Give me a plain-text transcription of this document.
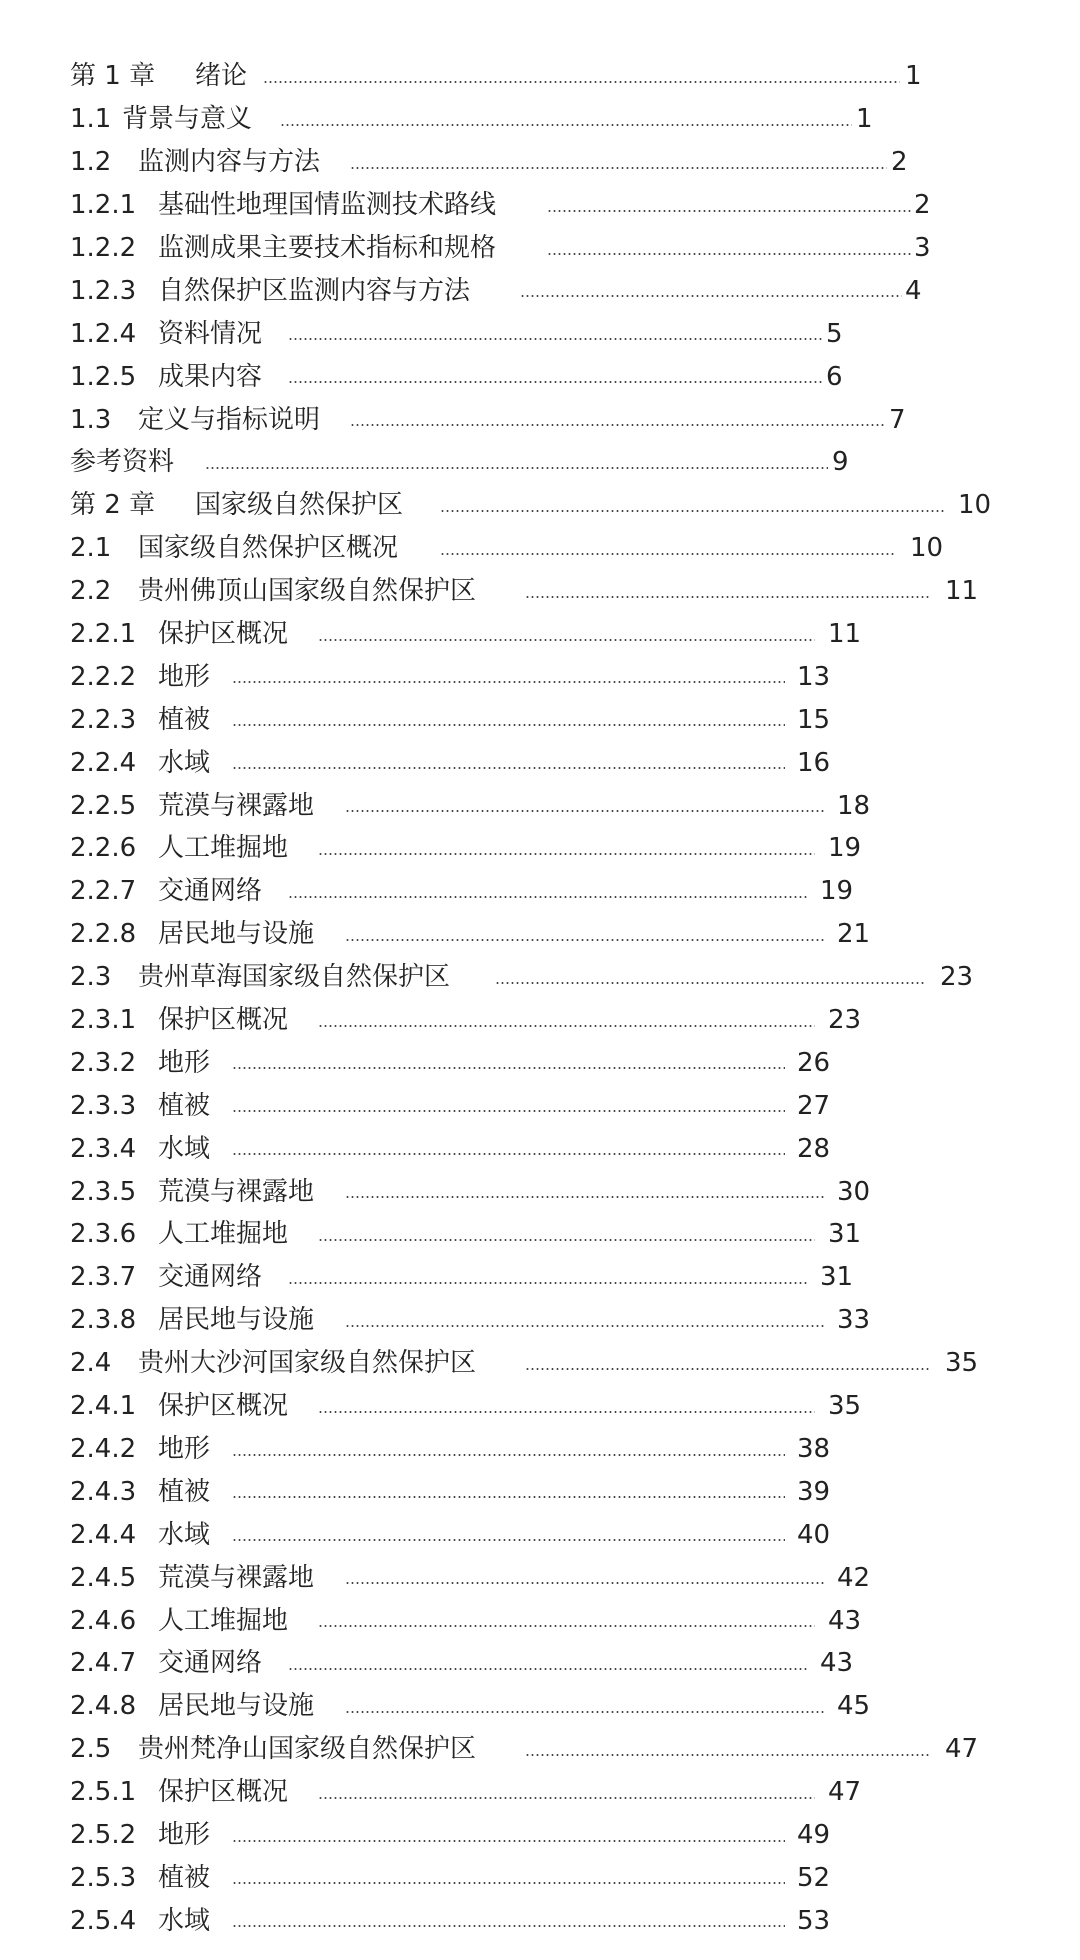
第 1 章 绪论	1
1.1 背景与意义	1
1.2 监测内容与方法	2
1.2.1 基础性地理国情监测技术路线	2
1.2.2 监测成果主要技术指标和规格	3
1.2.3 自然保护区监测内容与方法	4
1.2.4 资料情况	5
1.2.5 成果内容	6
1.3 定义与指标说明	7
参考资料	9
第 2 章 国家级自然保护区	10
2.1 国家级自然保护区概况	10
2.2 贵州佛顶山国家级自然保护区	11
2.2.1 保护区概况	11
2.2.2 地形	13
2.2.3 植被	15
2.2.4 水域	16
2.2.5 荒漠与裸露地	18
2.2.6 人工堆掘地	19
2.2.7 交通网络	19
2.2.8 居民地与设施	21
2.3 贵州草海国家级自然保护区	23
2.3.1 保护区概况	23
2.3.2 地形	26
2.3.3 植被	27
2.3.4 水域	28
2.3.5 荒漠与裸露地	30
2.3.6 人工堆掘地	31
2.3.7 交通网络	31
2.3.8 居民地与设施	33
2.4 贵州大沙河国家级自然保护区	35
2.4.1 保护区概况	35
2.4.2 地形	38
2.4.3 植被	39
2.4.4 水域	40
2.4.5 荒漠与裸露地	42
2.4.6 人工堆掘地	43
2.4.7 交通网络	43
2.4.8 居民地与设施	45
2.5 贵州梵净山国家级自然保护区	47
2.5.1 保护区概况	47
2.5.2 地形	49
2.5.3 植被	52
2.5.4 水域	53
